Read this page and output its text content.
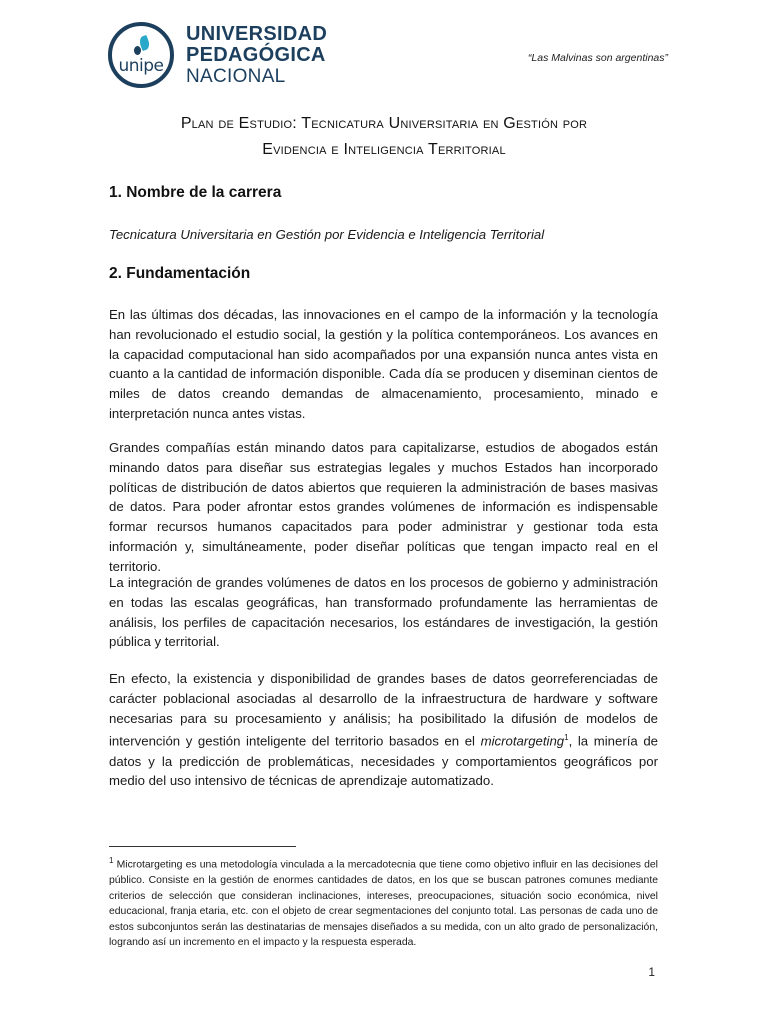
unipe
UNIVERSIDAD
PEDAGÓGICA
NACIONAL
“Las Malvinas son argentinas”
Plan de Estudio: Tecnicatura Universitaria en Gestión por
Evidencia e Inteligencia Territorial
1. Nombre de la carrera
Tecnicatura Universitaria en Gestión por Evidencia e Inteligencia Territorial
2. Fundamentación
En las últimas dos décadas, las innovaciones en el campo de la información y la tecnología han revolucionado el estudio social, la gestión y la política contemporáneos. Los avances en la capacidad computacional han sido acompañados por una expansión nunca antes vista en cuanto a la cantidad de información disponible. Cada día se producen y diseminan cientos de miles de datos creando demandas de almacenamiento, procesamiento, minado e interpretación nunca antes vistas.
Grandes compañías están minando datos para capitalizarse, estudios de abogados están minando datos para diseñar sus estrategias legales y muchos Estados han incorporado políticas de distribución de datos abiertos que requieren la administración de bases masivas de datos. Para poder afrontar estos grandes volúmenes de información es indispensable formar recursos humanos capacitados para poder administrar y gestionar toda esta información y, simultáneamente, poder diseñar políticas que tengan impacto real en el territorio.
La integración de grandes volúmenes de datos en los procesos de gobierno y administración en todas las escalas geográficas, han transformado profundamente las herramientas de análisis, los perfiles de capacitación necesarios, los estándares de investigación, la gestión pública y territorial.
En efecto, la existencia y disponibilidad de grandes bases de datos georreferenciadas de carácter poblacional asociadas al desarrollo de la infraestructura de hardware y software necesarias para su procesamiento y análisis; ha posibilitado la difusión de modelos de intervención y gestión inteligente del territorio basados en el microtargeting$^1$, la minería de datos y la predicción de problemáticas, necesidades y comportamientos geográficos por medio del uso intensivo de técnicas de aprendizaje automatizado.
$^1$ Microtargeting es una metodología vinculada a la mercadotecnia que tiene como objetivo influir en las decisiones del público. Consiste en la gestión de enormes cantidades de datos, en los que se buscan patrones comunes mediante criterios de selección que consideran inclinaciones, intereses, preocupaciones, situación socio económica, nivel educacional, franja etaria, etc. con el objeto de crear segmentaciones del conjunto total. Las personas de cada uno de estos subconjuntos serán las destinatarias de mensajes diseñados a su medida, con un alto grado de personalización, logrando así un incremento en el impacto y la respuesta esperada.
1
